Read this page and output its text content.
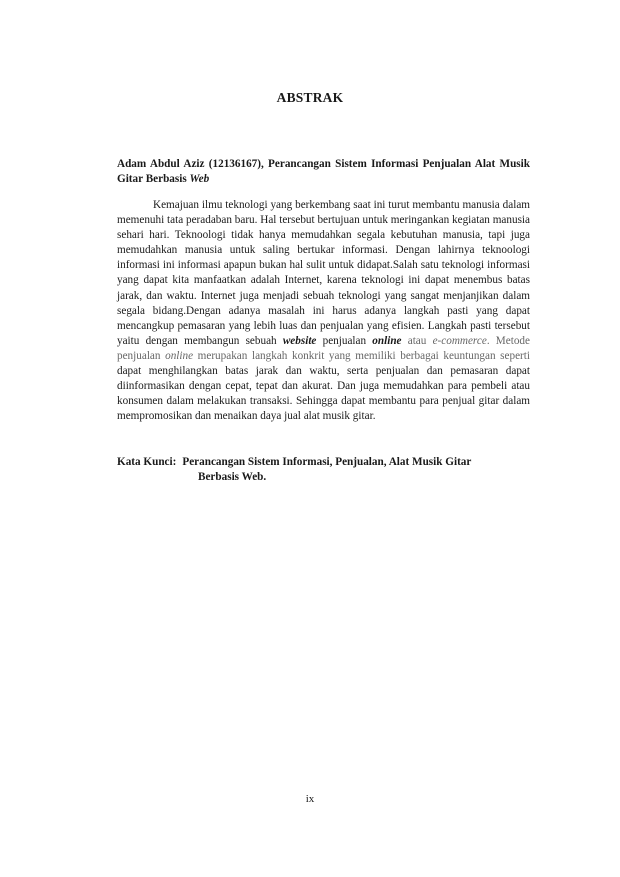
ABSTRAK
Adam Abdul Aziz (12136167), Perancangan Sistem Informasi Penjualan Alat Musik Gitar Berbasis Web

Kemajuan ilmu teknologi yang berkembang saat ini turut membantu manusia dalam memenuhi tata peradaban baru. Hal tersebut bertujuan untuk meringankan kegiatan manusia sehari hari. Teknoologi tidak hanya memudahkan segala kebutuhan manusia, tapi juga memudahkan manusia untuk saling bertukar informasi. Dengan lahirnya teknoologi informasi ini informasi apapun bukan hal sulit untuk didapat.Salah satu teknologi informasi yang dapat kita manfaatkan adalah Internet, karena teknologi ini dapat menembus batas jarak, dan waktu. Internet juga menjadi sebuah teknologi yang sangat menjanjikan dalam segala bidang.Dengan adanya masalah ini harus adanya langkah pasti yang dapat mencangkup pemasaran yang lebih luas dan penjualan yang efisien. Langkah pasti tersebut yaitu dengan membangun sebuah website penjualan online atau e-commerce. Metode penjualan online merupakan langkah konkrit yang memiliki berbagai keuntungan seperti dapat menghilangkan batas jarak dan waktu, serta penjualan dan pemasaran dapat diinformasikan dengan cepat, tepat dan akurat. Dan juga memudahkan para pembeli atau konsumen dalam melakukan transaksi. Sehingga dapat membantu para penjual gitar dalam mempromosikan dan menaikan daya jual alat musik gitar.

Kata Kunci: Perancangan Sistem Informasi, Penjualan, Alat Musik Gitar
Berbasis Web.
ix
